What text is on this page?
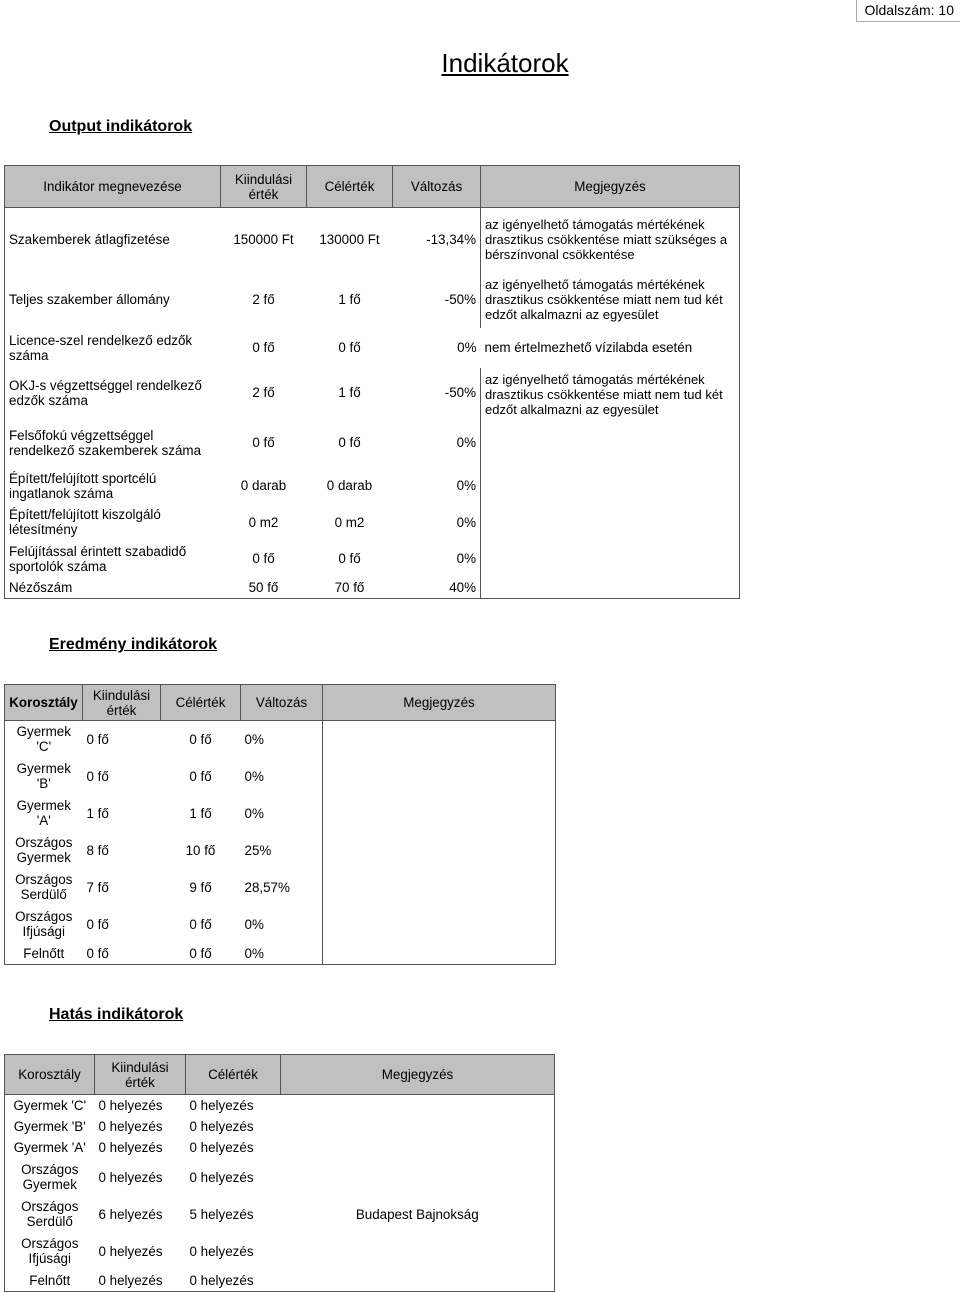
Oldalszám: 10
Indikátorok
Output indikátorok
Indikátor megnevezése	Kiindulási érték	Célérték	Változás	Megjegyzés
Szakemberek átlagfizetése	150000 Ft	130000 Ft	-13,34%	az igényelhető támogatás mértékének drasztikus csökkentése miatt szükséges a bérszínvonal csökkentése
Teljes szakember állomány	2 fő	1 fő	-50%	az igényelhető támogatás mértékének drasztikus csökkentése miatt nem tud két edzőt alkalmazni az egyesület
Licence-szel rendelkező edzők száma	0 fő	0 fő	0%	nem értelmezhető vízilabda esetén
OKJ-s végzettséggel rendelkező edzők száma	2 fő	1 fő	-50%	az igényelhető támogatás mértékének drasztikus csökkentése miatt nem tud két edzőt alkalmazni az egyesület
Felsőfokú végzettséggel rendelkező szakemberek száma	0 fő	0 fő	0%	
Épített/felújított sportcélú ingatlanok száma	0 darab	0 darab	0%	
Épített/felújított kiszolgáló létesítmény	0 m2	0 m2	0%	
Felújítással érintett szabadidő sportolók száma	0 fő	0 fő	0%	
Nézőszám	50 fő	70 fő	40%	
Eredmény indikátorok
Korosztály	Kiindulási érték	Célérték	Változás	Megjegyzés
Gyermek 'C'	0 fő	0 fő	0%	
Gyermek 'B'	0 fő	0 fő	0%	
Gyermek 'A'	1 fő	1 fő	0%	
Országos Gyermek	8 fő	10 fő	25%	
Országos Serdülő	7 fő	9 fő	28,57%	
Országos Ifjúsági	0 fő	0 fő	0%	
Felnőtt	0 fő	0 fő	0%	
Hatás indikátorok
Korosztály	Kiindulási érték	Célérték	Megjegyzés
Gyermek 'C'	0 helyezés	0 helyezés	
Gyermek 'B'	0 helyezés	0 helyezés	
Gyermek 'A'	0 helyezés	0 helyezés	
Országos Gyermek	0 helyezés	0 helyezés	
Országos Serdülő	6 helyezés	5 helyezés	Budapest Bajnokság
Országos Ifjúsági	0 helyezés	0 helyezés	
Felnőtt	0 helyezés	0 helyezés	
